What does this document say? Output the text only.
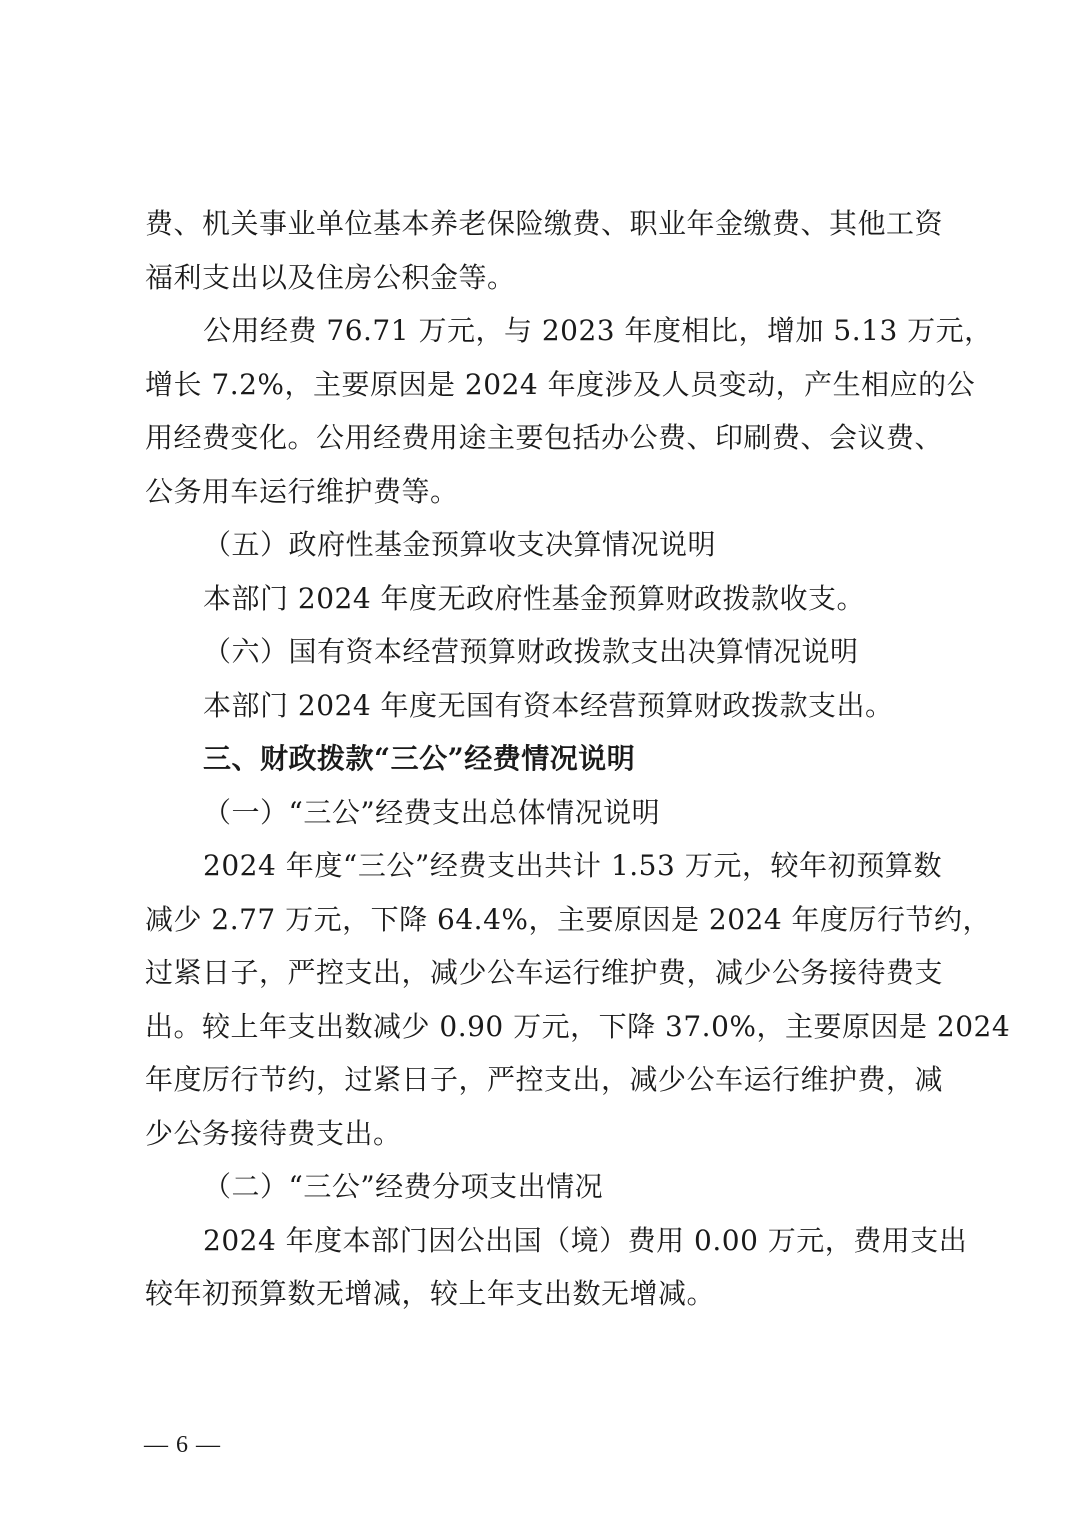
费、机关事业单位基本养老保险缴费、职业年金缴费、其他工资
福利支出以及住房公积金等。
公用经费 76.71 万元，与 2023 年度相比，增加 5.13 万元，
增长 7.2%，主要原因是 2024 年度涉及人员变动，产生相应的公
用经费变化。公用经费用途主要包括办公费、印刷费、会议费、
公务用车运行维护费等。
（五）政府性基金预算收支决算情况说明
本部门 2024 年度无政府性基金预算财政拨款收支。
（六）国有资本经营预算财政拨款支出决算情况说明
本部门 2024 年度无国有资本经营预算财政拨款支出。
三、财政拨款“三公”经费情况说明
（一）“三公”经费支出总体情况说明
2024 年度“三公”经费支出共计 1.53 万元，较年初预算数
减少 2.77 万元，下降 64.4%，主要原因是 2024 年度厉行节约，
过紧日子，严控支出，减少公车运行维护费，减少公务接待费支
出。较上年支出数减少 0.90 万元，下降 37.0%，主要原因是 2024
年度厉行节约，过紧日子，严控支出，减少公车运行维护费，减
少公务接待费支出。
（二）“三公”经费分项支出情况
2024 年度本部门因公出国（境）费用 0.00 万元，费用支出
较年初预算数无增减，较上年支出数无增减。
— 6 —
